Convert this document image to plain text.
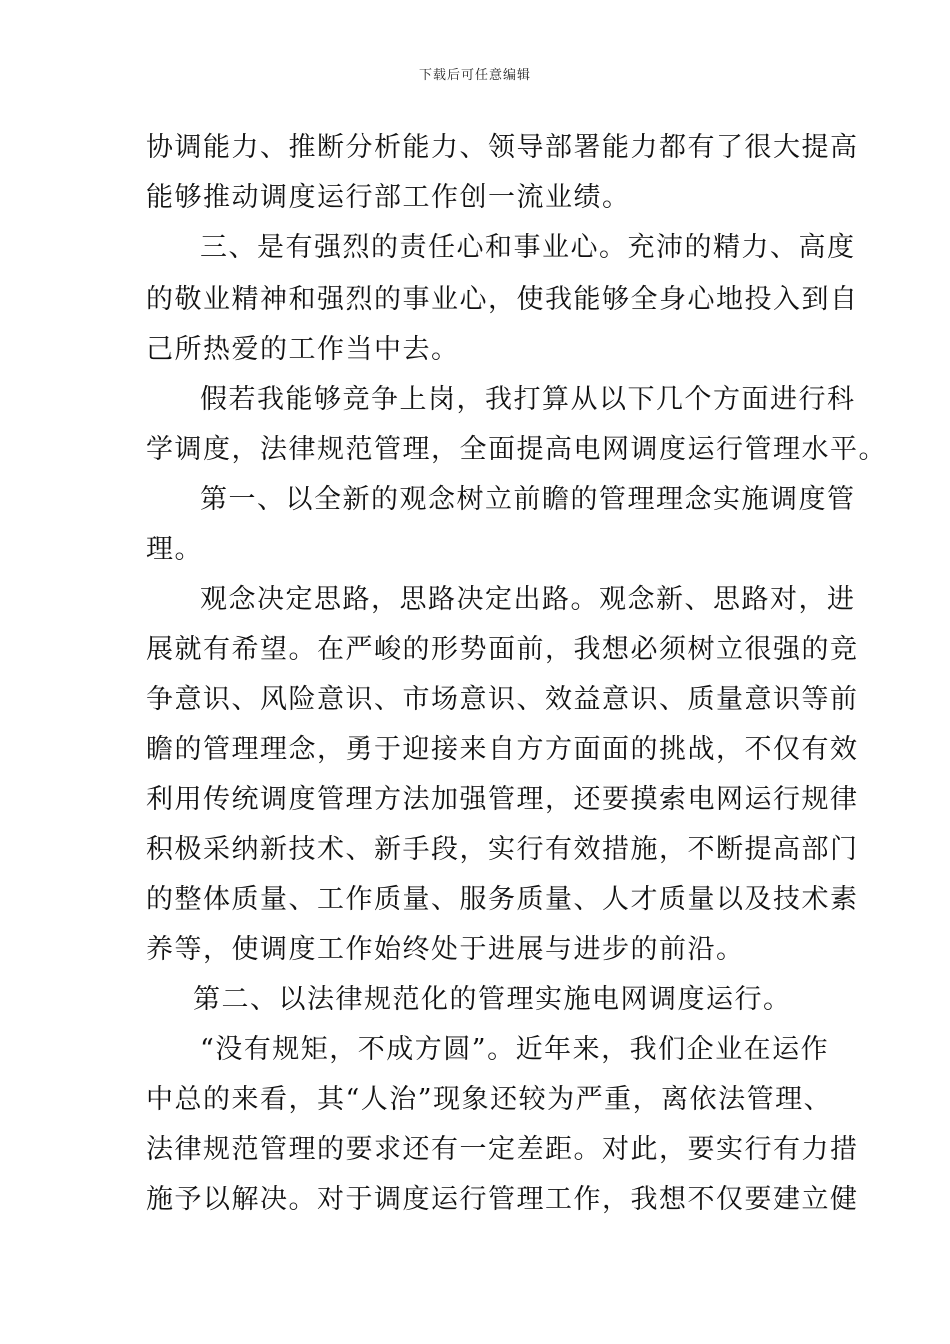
下载后可任意编辑
协调能力、推断分析能力、领导部署能力都有了很大提高
能够推动调度运行部工作创一流业绩。
三、是有强烈的责任心和事业心。充沛的精力、高度
的敬业精神和强烈的事业心，使我能够全身心地投入到自
己所热爱的工作当中去。
假若我能够竞争上岗，我打算从以下几个方面进行科
学调度，法律规范管理，全面提高电网调度运行管理水平。
第一、以全新的观念树立前瞻的管理理念实施调度管
理。
观念决定思路，思路决定出路。观念新、思路对，进
展就有希望。在严峻的形势面前，我想必须树立很强的竞
争意识、风险意识、市场意识、效益意识、质量意识等前
瞻的管理理念，勇于迎接来自方方面面的挑战，不仅有效
利用传统调度管理方法加强管理，还要摸索电网运行规律
积极采纳新技术、新手段，实行有效措施，不断提高部门
的整体质量、工作质量、服务质量、人才质量以及技术素
养等，使调度工作始终处于进展与进步的前沿。
第二、以法律规范化的管理实施电网调度运行。
“没有规矩，不成方圆”。近年来，我们企业在运作
中总的来看，其“人治”现象还较为严重，离依法管理、
法律规范管理的要求还有一定差距。对此，要实行有力措
施予以解决。对于调度运行管理工作，我想不仅要建立健
